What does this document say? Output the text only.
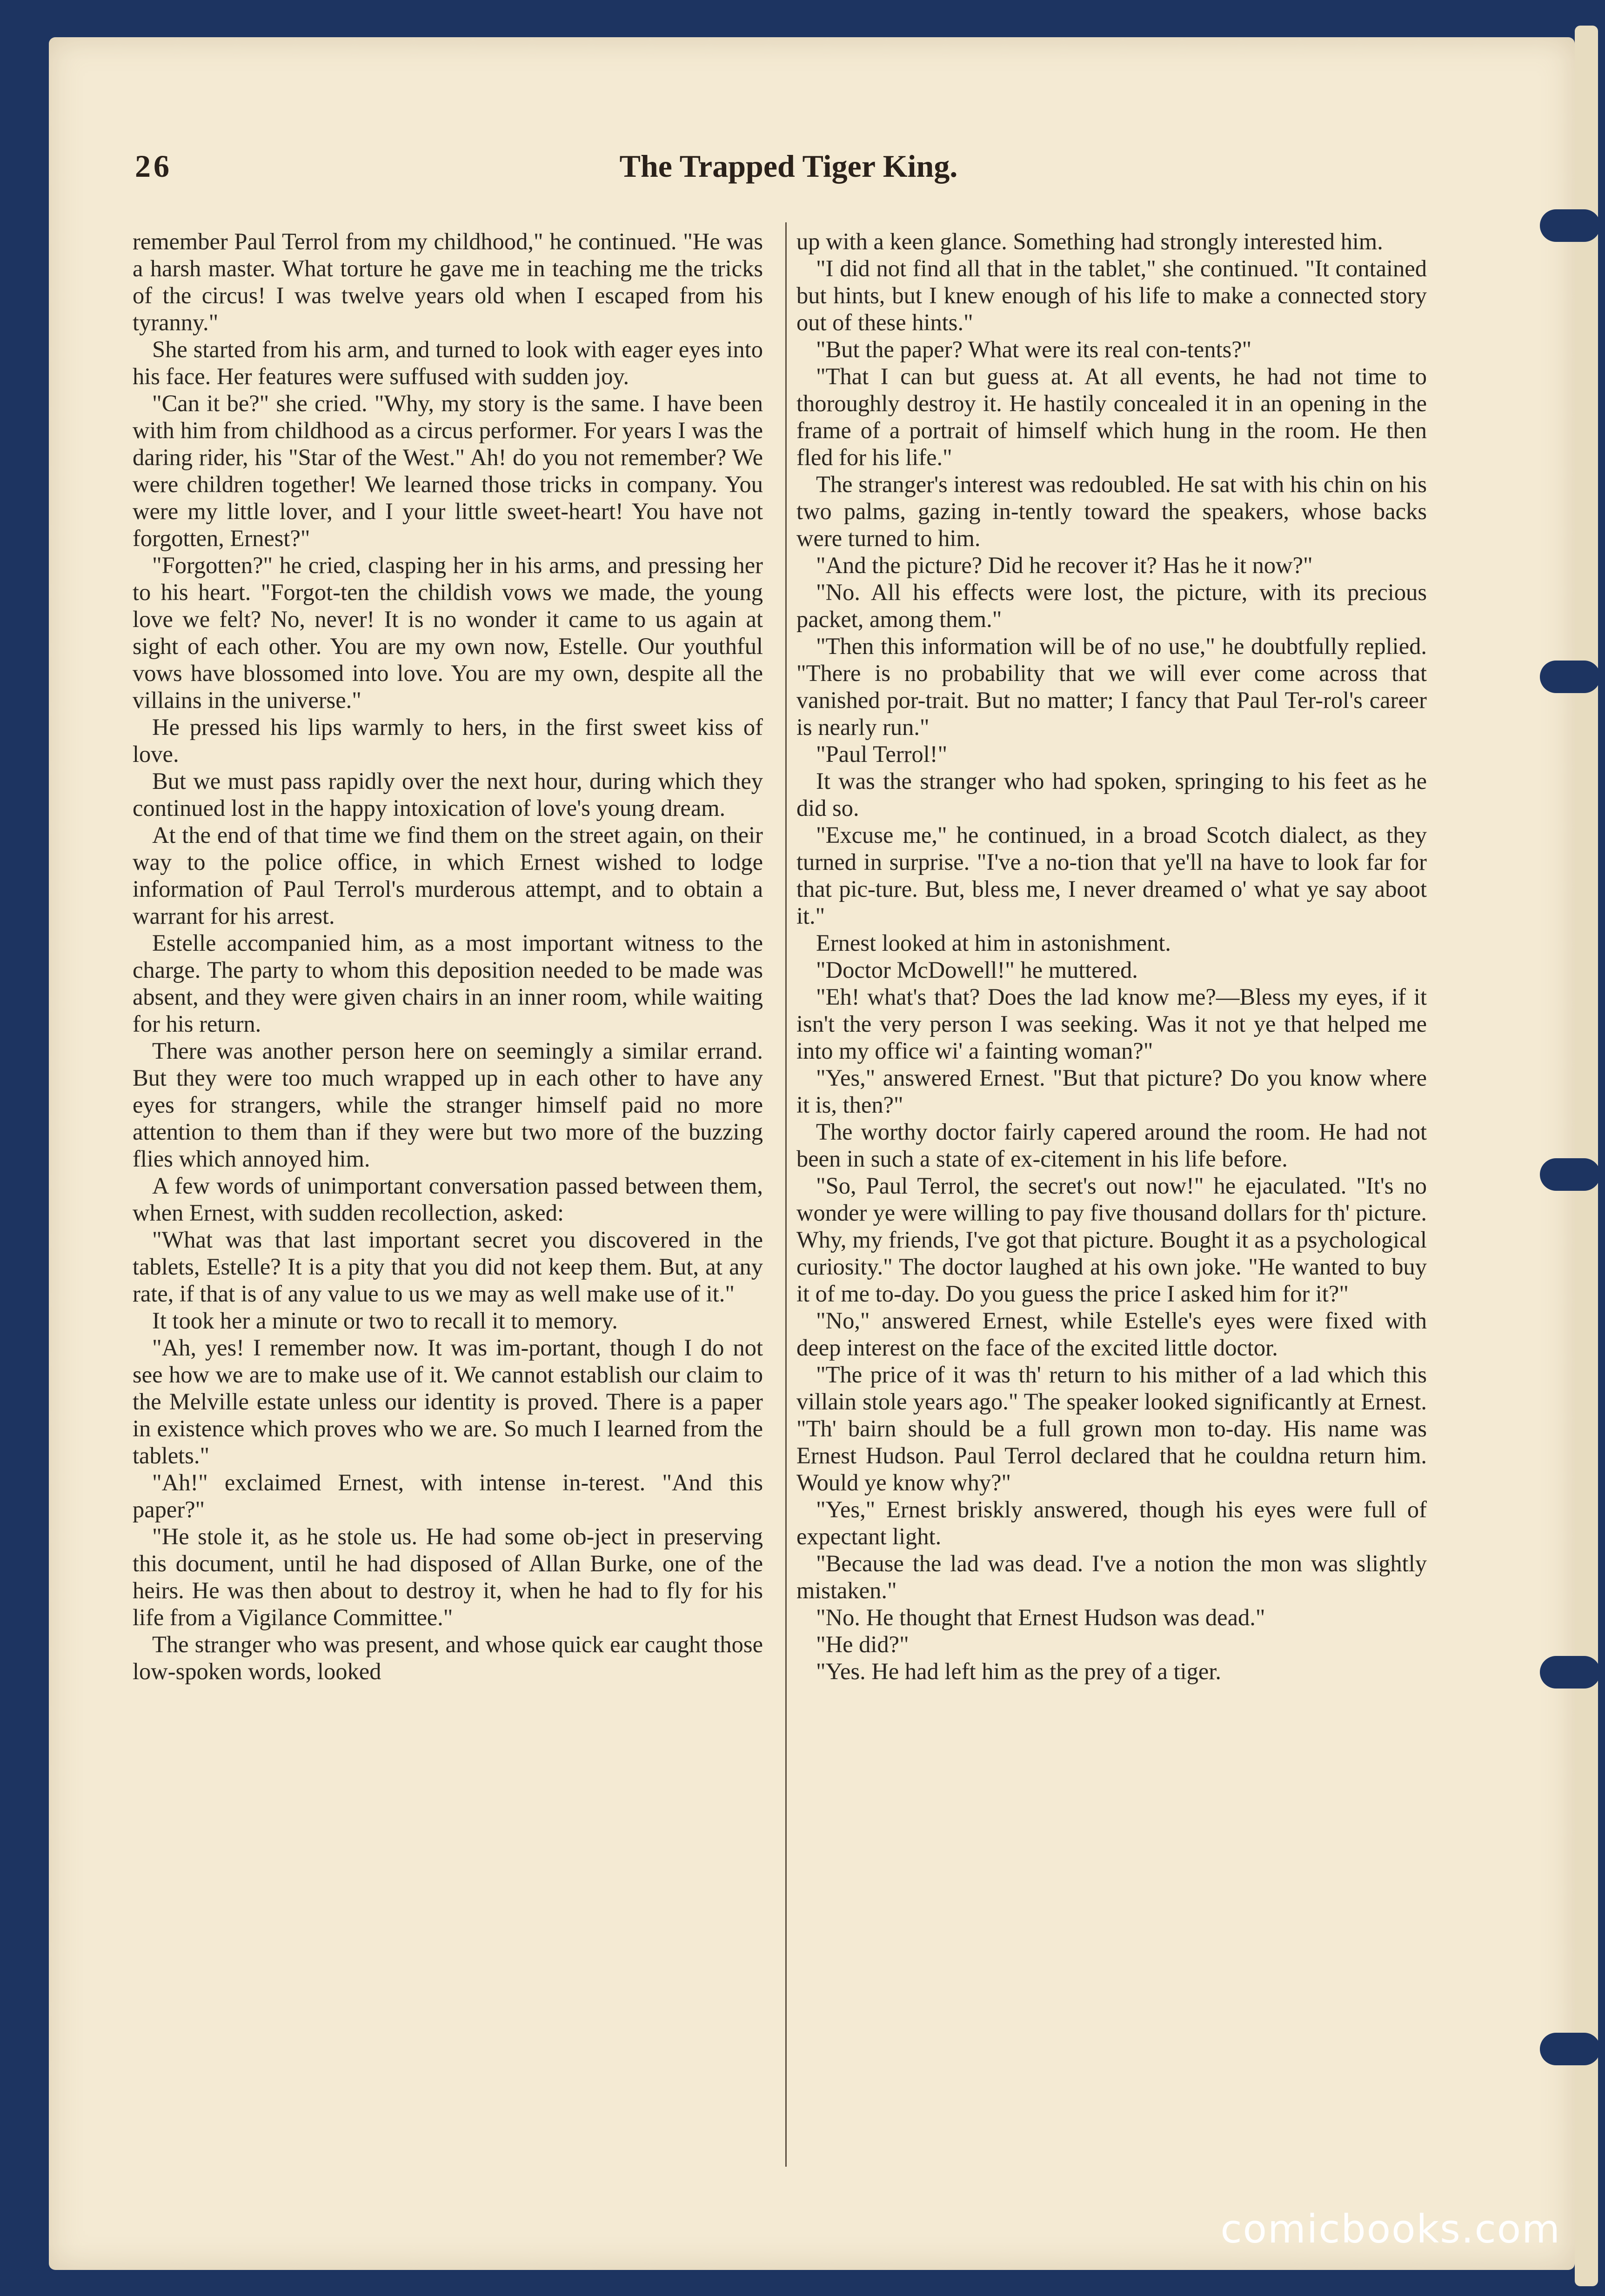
26	The Trapped Tiger King.

remember Paul Terrol from my childhood," he continued. "He was a harsh master. What torture he gave me in teaching me the tricks of the circus! I was twelve years old when I escaped from his tyranny."

She started from his arm, and turned to look with eager eyes into his face. Her features were suffused with sudden joy.

"Can it be?" she cried. "Why, my story is the same. I have been with him from childhood as a circus performer. For years I was the daring rider, his "Star of the West." Ah! do you not remember? We were children together! We learned those tricks in company. You were my little lover, and I your little sweet-heart! You have not forgotten, Ernest?"

"Forgotten?" he cried, clasping her in his arms, and pressing her to his heart. "Forgot-ten the childish vows we made, the young love we felt? No, never! It is no wonder it came to us again at sight of each other. You are my own now, Estelle. Our youthful vows have blossomed into love. You are my own, despite all the villains in the universe."

He pressed his lips warmly to hers, in the first sweet kiss of love.

But we must pass rapidly over the next hour, during which they continued lost in the happy intoxication of love's young dream.

At the end of that time we find them on the street again, on their way to the police office, in which Ernest wished to lodge information of Paul Terrol's murderous attempt, and to obtain a warrant for his arrest.

Estelle accompanied him, as a most important witness to the charge. The party to whom this deposition needed to be made was absent, and they were given chairs in an inner room, while waiting for his return.

There was another person here on seemingly a similar errand. But they were too much wrapped up in each other to have any eyes for strangers, while the stranger himself paid no more attention to them than if they were but two more of the buzzing flies which annoyed him.

A few words of unimportant conversation passed between them, when Ernest, with sudden recollection, asked:

"What was that last important secret you discovered in the tablets, Estelle? It is a pity that you did not keep them. But, at any rate, if that is of any value to us we may as well make use of it."

It took her a minute or two to recall it to memory.

"Ah, yes! I remember now. It was im-portant, though I do not see how we are to make use of it. We cannot establish our claim to the Melville estate unless our identity is proved. There is a paper in existence which proves who we are. So much I learned from the tablets."

"Ah!" exclaimed Ernest, with intense in-terest. "And this paper?"

"He stole it, as he stole us. He had some ob-ject in preserving this document, until he had disposed of Allan Burke, one of the heirs. He was then about to destroy it, when he had to fly for his life from a Vigilance Committee."

The stranger who was present, and whose quick ear caught those low-spoken words, looked

up with a keen glance. Something had strongly interested him.

"I did not find all that in the tablet," she continued. "It contained but hints, but I knew enough of his life to make a connected story out of these hints."

"But the paper? What were its real con-tents?"

"That I can but guess at. At all events, he had not time to thoroughly destroy it. He hastily concealed it in an opening in the frame of a portrait of himself which hung in the room. He then fled for his life."

The stranger's interest was redoubled. He sat with his chin on his two palms, gazing in-tently toward the speakers, whose backs were turned to him.

"And the picture? Did he recover it? Has he it now?"

"No. All his effects were lost, the picture, with its precious packet, among them."

"Then this information will be of no use," he doubtfully replied. "There is no probability that we will ever come across that vanished por-trait. But no matter; I fancy that Paul Ter-rol's career is nearly run."

"Paul Terrol!"

It was the stranger who had spoken, springing to his feet as he did so.

"Excuse me," he continued, in a broad Scotch dialect, as they turned in surprise. "I've a no-tion that ye'll na have to look far for that pic-ture. But, bless me, I never dreamed o' what ye say aboot it."

Ernest looked at him in astonishment.

"Doctor McDowell!" he muttered.

"Eh! what's that? Does the lad know me?—Bless my eyes, if it isn't the very person I was seeking. Was it not ye that helped me into my office wi' a fainting woman?"

"Yes," answered Ernest. "But that picture? Do you know where it is, then?"

The worthy doctor fairly capered around the room. He had not been in such a state of ex-citement in his life before.

"So, Paul Terrol, the secret's out now!" he ejaculated. "It's no wonder ye were willing to pay five thousand dollars for th' picture. Why, my friends, I've got that picture. Bought it as a psychological curiosity." The doctor laughed at his own joke. "He wanted to buy it of me to-day. Do you guess the price I asked him for it?"

"No," answered Ernest, while Estelle's eyes were fixed with deep interest on the face of the excited little doctor.

"The price of it was th' return to his mither of a lad which this villain stole years ago." The speaker looked significantly at Ernest. "Th' bairn should be a full grown mon to-day. His name was Ernest Hudson. Paul Terrol declared that he couldna return him. Would ye know why?"

"Yes," Ernest briskly answered, though his eyes were full of expectant light.

"Because the lad was dead. I've a notion the mon was slightly mistaken."

"No. He thought that Ernest Hudson was dead."

"He did?"

"Yes. He had left him as the prey of a tiger.

comicbooks.com
